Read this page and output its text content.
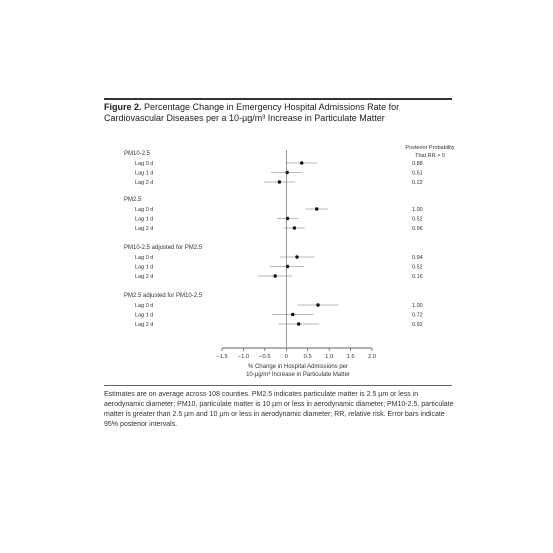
Figure 2. Percentage Change in Emergency Hospital Admissions Rate for Cardiovascular Diseases per a 10-µg/m³ Increase in Particulate Matter
Posterior Probability
That RR > 0
PM10-2.5
Lag 0 d	0.88
Lag 1 d	0.51
Lag 2 d	0.22
PM2.5
Lag 0 d	1.00
Lag 1 d	0.52
Lag 2 d	0.96
PM10-2.5 adjusted for PM2.5
Lag 0 d	0.94
Lag 1 d	0.52
Lag 2 d	0.16
PM2.5 adjusted for PM10-2.5
Lag 0 d	1.00
Lag 1 d	0.72
Lag 2 d	0.92
−1.5 −1.0 −0.5 0	0.5 1.0 1.5 2.0
% Change in Hospital Admissions per
10-µg/m³ Increase in Particulate Matter
Estimates are on average across 108 counties. PM2.5 indicates particulate matter is 2.5 µm or less in aerodynamic diameter; PM10, particulate matter is 10 µm or less in aerodynamic diameter; PM10-2.5, particulate matter is greater than 2.5 µm and 10 µm or less in aerodynamic diameter; RR, relative risk. Error bars indicate 95% posterior intervals.
